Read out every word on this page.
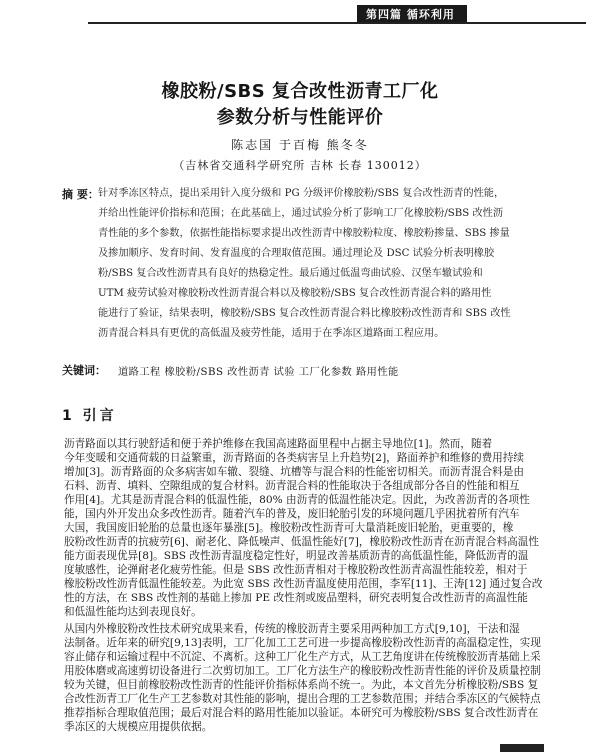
第四篇 循环利用
橡胶粉/SBS 复合改性沥青工厂化
参数分析与性能评价
陈志国 于百梅 熊冬冬
（吉林省交通科学研究所 吉林 长春 130012）
摘 要： 针对季冻区特点，提出采用针入度分级和 PG 分级评价橡胶粉/SBS 复合改性沥青的性能，
并给出性能评价指标和范围；在此基础上，通过试验分析了影响工厂化橡胶粉/SBS 改性沥
青性能的多个参数，依据性能指标要求提出改性沥青中橡胶粉粒度、橡胶粉掺量、SBS 掺量
及掺加顺序、发育时间、发育温度的合理取值范围。通过理论及 DSC 试验分析表明橡胶
粉/SBS 复合改性沥青具有良好的热稳定性。最后通过低温弯曲试验、汉堡车辙试验和
UTM 疲劳试验对橡胶粉改性沥青混合料以及橡胶粉/SBS 复合改性沥青混合料的路用性
能进行了验证，结果表明，橡胶粉/SBS 复合改性沥青混合料比橡胶粉改性沥青和 SBS 改性
沥青混合料具有更优的高低温及疲劳性能，适用于在季冻区道路面工程应用。
关键词： 道路工程 橡胶粉/SBS 改性沥青 试验 工厂化参数 路用性能
1 引言
沥青路面以其行驶舒适和便于养护维修在我国高速路面里程中占据主导地位[1]。然而，随着
今年变暖和交通荷载的日益繁重，沥青路面的各类病害呈上升趋势[2]，路面养护和维修的费用持续
增加[3]。沥青路面的众多病害如车辙、裂缝、坑槽等与混合料的性能密切相关。而沥青混合料是由
石料、沥青、填料、空隙组成的复合材料。沥青混合料的性能取决于各组成部分各自的性能和相互
作用[4]。尤其是沥青混合料的低温性能，80% 由沥青的低温性能决定。因此，为改善沥青的各项性
能，国内外开发出众多改性沥青。随着汽车的普及，废旧轮胎引发的环境问题几乎困扰着所有汽车
大国，我国废旧轮胎的总量也逐年暴涨[5]。橡胶粉改性沥青可大量消耗废旧轮胎，更重要的，橡
胶粉改性沥青的抗疲劳[6]、耐老化、降低噪声、低温性能好[7]，橡胶粉改性沥青在沥青混合料高温性
能方面表现优异[8]。SBS 改性沥青温度稳定性好，明显改善基质沥青的高低温性能，降低沥青的温
度敏感性，论弹耐老化疲劳性能。但是 SBS 改性沥青相对于橡胶粉改性沥青高温性能较差，相对于
橡胶粉改性沥青低温性能较差。为此宽 SBS 改性沥青温度使用范围，李军[11]、王涛[12] 通过复合改
性的方法，在 SBS 改性剂的基础上掺加 PE 改性剂或废品塑料，研究表明复合改性沥青的高温性能
和低温性能均达到表现良好。
从国内外橡胶粉改性技术研究成果来看，传统的橡胶沥青主要采用两种加工方式[9,10]，干法和湿
法制备。近年来的研究[9,13]表明，工厂化加工工艺可进一步提高橡胶粉改性沥青的高温稳定性，实现
容止储存和运输过程中不沉淀、不离析。这种工厂化生产方式，从工艺角度讲在传统橡胶沥青基础上采
用胶体磨或高速剪切设备进行二次剪切加工。工厂化方法生产的橡胶粉改性沥青性能的评价及质量控制
较为关键，但目前橡胶粉改性沥青的性能评价指标体系尚不统一。为此，本文首先分析橡胶粉/SBS 复
合改性沥青工厂化生产工艺参数对其性能的影响，提出合理的工艺参数范围；并结合季冻区的气候特点
推荐指标合理取值范围；最后对混合料的路用性能加以验证。本研究可为橡胶粉/SBS 复合改性沥青在
季冻区的大规模应用提供依据。
